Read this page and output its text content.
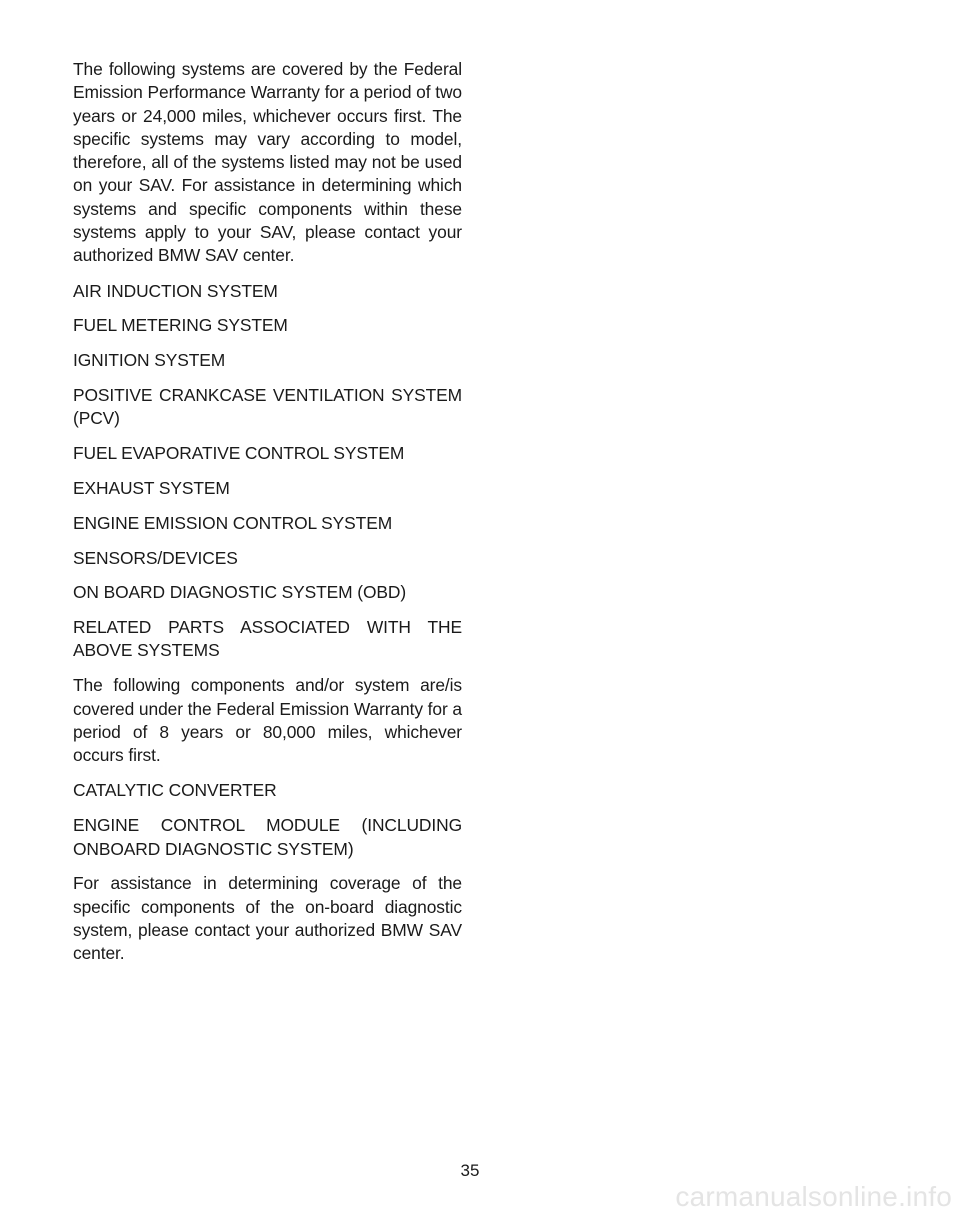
The following systems are covered by the Federal Emission Performance Warranty for a period of two years or 24,000 miles, whichever occurs first. The specific systems may vary according to model, therefore, all of the systems listed may not be used on your SAV. For assistance in determining which systems and specific components within these systems apply to your SAV, please contact your authorized BMW SAV center.

AIR INDUCTION SYSTEM

FUEL METERING SYSTEM

IGNITION SYSTEM

POSITIVE CRANKCASE VENTILATION SYSTEM (PCV)

FUEL EVAPORATIVE CONTROL SYSTEM

EXHAUST SYSTEM

ENGINE EMISSION CONTROL SYSTEM

SENSORS/DEVICES

ON BOARD DIAGNOSTIC SYSTEM (OBD)

RELATED PARTS ASSOCIATED WITH THE ABOVE SYSTEMS

The following components and/or system are/is covered under the Federal Emission Warranty for a period of 8 years or 80,000 miles, whichever occurs first.

CATALYTIC CONVERTER

ENGINE CONTROL MODULE (INCLUDING ONBOARD DIAGNOSTIC SYSTEM)

For assistance in determining coverage of the specific components of the on-board diagnostic system, please contact your authorized BMW SAV center.

35
carmanualsonline.info
